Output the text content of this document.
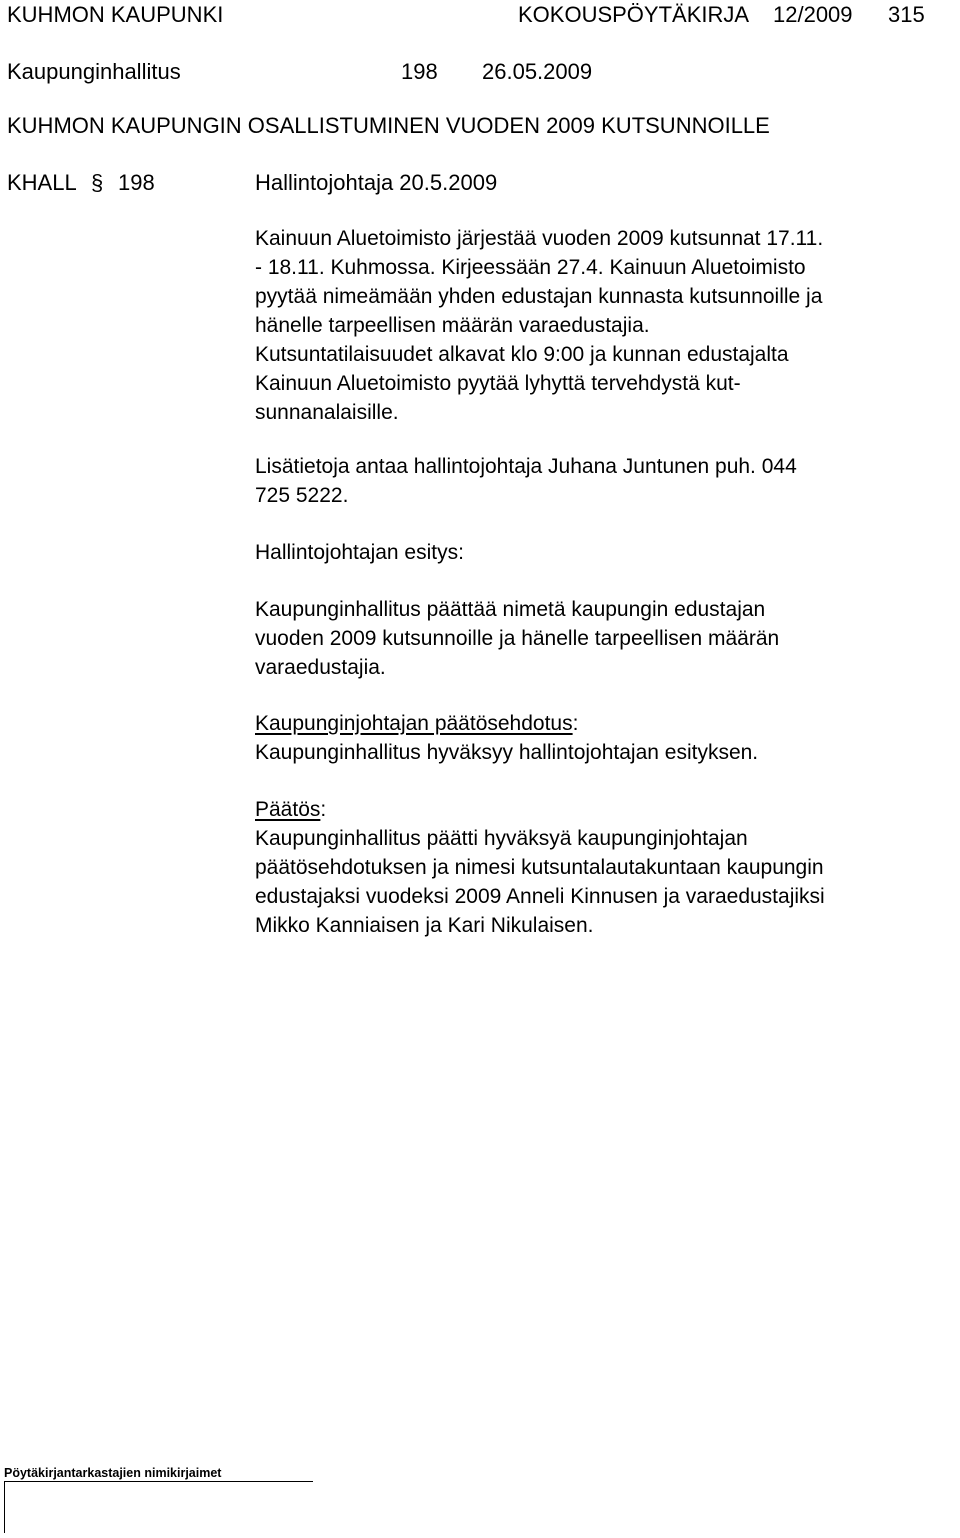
KUHMON KAUPUNKI	KOKOUSPÖYTÄKIRJA 12/2009 315
Kaupunginhallitus	198 26.05.2009
KUHMON KAUPUNGIN OSALLISTUMINEN VUODEN 2009 KUTSUNNOILLE
KHALL § 198	Hallintojohtaja 20.5.2009
Kainuun Aluetoimisto järjestää vuoden 2009 kutsunnat 17.11.
- 18.11. Kuhmossa. Kirjeessään 27.4. Kainuun Aluetoimisto
pyytää nimeämään yhden edustajan kunnasta kutsunnoille ja
hänelle tarpeellisen määrän varaedustajia.
Kutsuntatilaisuudet alkavat klo 9:00 ja kunnan edustajalta
Kainuun Aluetoimisto pyytää lyhyttä tervehdystä kut-
sunnanalaisille.
Lisätietoja antaa hallintojohtaja Juhana Juntunen puh. 044
725 5222.
Hallintojohtajan esitys:
Kaupunginhallitus päättää nimetä kaupungin edustajan
vuoden 2009 kutsunnoille ja hänelle tarpeellisen määrän
varaedustajia.
Kaupunginjohtajan päätösehdotus:
Kaupunginhallitus hyväksyy hallintojohtajan esityksen.
Päätös:
Kaupunginhallitus päätti hyväksyä kaupunginjohtajan
päätösehdotuksen ja nimesi kutsuntalautakuntaan kaupungin
edustajaksi vuodeksi 2009 Anneli Kinnusen ja varaedustajiksi
Mikko Kanniaisen ja Kari Nikulaisen.
Pöytäkirjantarkastajien nimikirjaimet
